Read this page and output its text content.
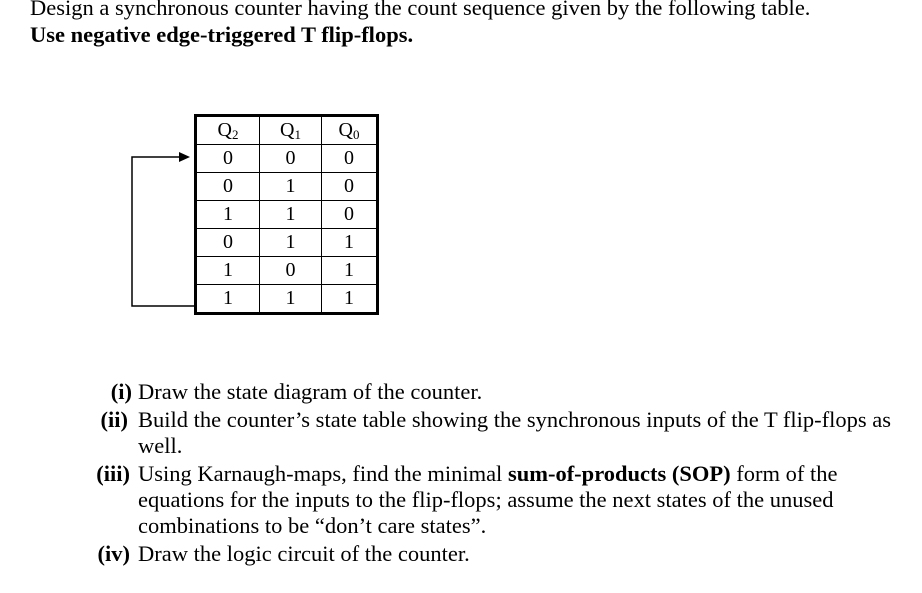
Design a synchronous counter having the count sequence given by the following table.
Use negative edge-triggered T flip-flops.
$Q_2$	$Q_1$	$Q_0$
0	0	0
0	1	0
1	1	0
0	1	1
1	0	1
1	1	1
(i) Draw the state diagram of the counter.
(ii) Build the counter’s state table showing the synchronous inputs of the T flip-flops as well.
(iii) Using Karnaugh-maps, find the minimal sum-of-products (SOP) form of the equations for the inputs to the flip-flops; assume the next states of the unused combinations to be “don’t care states”.
(iv) Draw the logic circuit of the counter.
